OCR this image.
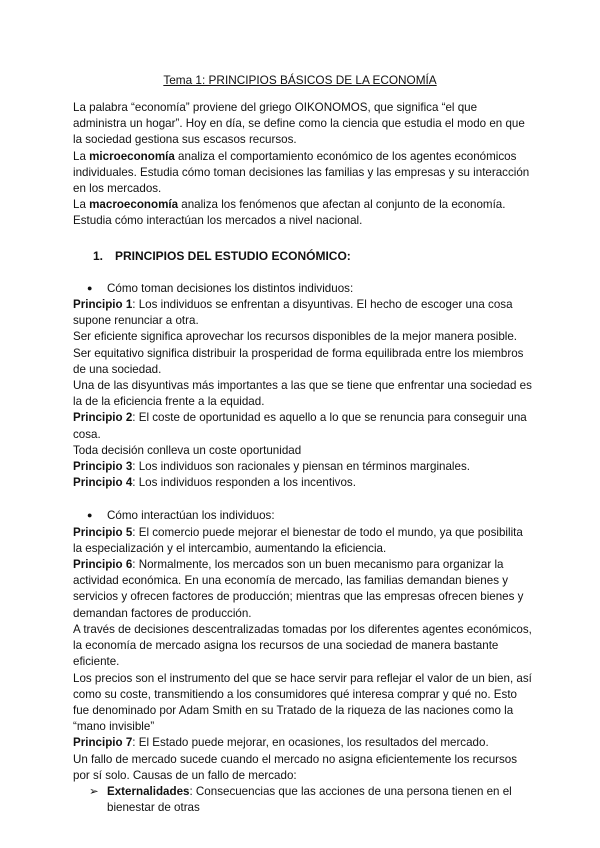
Tema 1: PRINCIPIOS BÁSICOS DE LA ECONOMÍA

La palabra “economía” proviene del griego OIKONOMOS, que significa “el que administra un hogar”. Hoy en día, se define como la ciencia que estudia el modo en que la sociedad gestiona sus escasos recursos.

La microeconomía analiza el comportamiento económico de los agentes económicos individuales. Estudia cómo toman decisiones las familias y las empresas y su interacción en los mercados.

La macroeconomía analiza los fenómenos que afectan al conjunto de la economía. Estudia cómo interactúan los mercados a nivel nacional.

1. PRINCIPIOS DEL ESTUDIO ECONÓMICO:

● Cómo toman decisiones los distintos individuos:

Principio 1: Los individuos se enfrentan a disyuntivas. El hecho de escoger una cosa supone renunciar a otra.

Ser eficiente significa aprovechar los recursos disponibles de la mejor manera posible.

Ser equitativo significa distribuir la prosperidad de forma equilibrada entre los miembros de una sociedad.

Una de las disyuntivas más importantes a las que se tiene que enfrentar una sociedad es la de la eficiencia frente a la equidad.

Principio 2: El coste de oportunidad es aquello a lo que se renuncia para conseguir una cosa.

Toda decisión conlleva un coste oportunidad

Principio 3: Los individuos son racionales y piensan en términos marginales.

Principio 4: Los individuos responden a los incentivos.

● Cómo interactúan los individuos:

Principio 5: El comercio puede mejorar el bienestar de todo el mundo, ya que posibilita la especialización y el intercambio, aumentando la eficiencia.

Principio 6: Normalmente, los mercados son un buen mecanismo para organizar la actividad económica. En una economía de mercado, las familias demandan bienes y servicios y ofrecen factores de producción; mientras que las empresas ofrecen bienes y demandan factores de producción.

A través de decisiones descentralizadas tomadas por los diferentes agentes económicos, la economía de mercado asigna los recursos de una sociedad de manera bastante eficiente.

Los precios son el instrumento del que se hace servir para reflejar el valor de un bien, así como su coste, transmitiendo a los consumidores qué interesa comprar y qué no. Esto fue denominado por Adam Smith en su Tratado de la riqueza de las naciones como la “mano invisible”

Principio 7: El Estado puede mejorar, en ocasiones, los resultados del mercado.

Un fallo de mercado sucede cuando el mercado no asigna eficientemente los recursos por sí solo. Causas de un fallo de mercado:

➢ Externalidades: Consecuencias que las acciones de una persona tienen en el bienestar de otras
